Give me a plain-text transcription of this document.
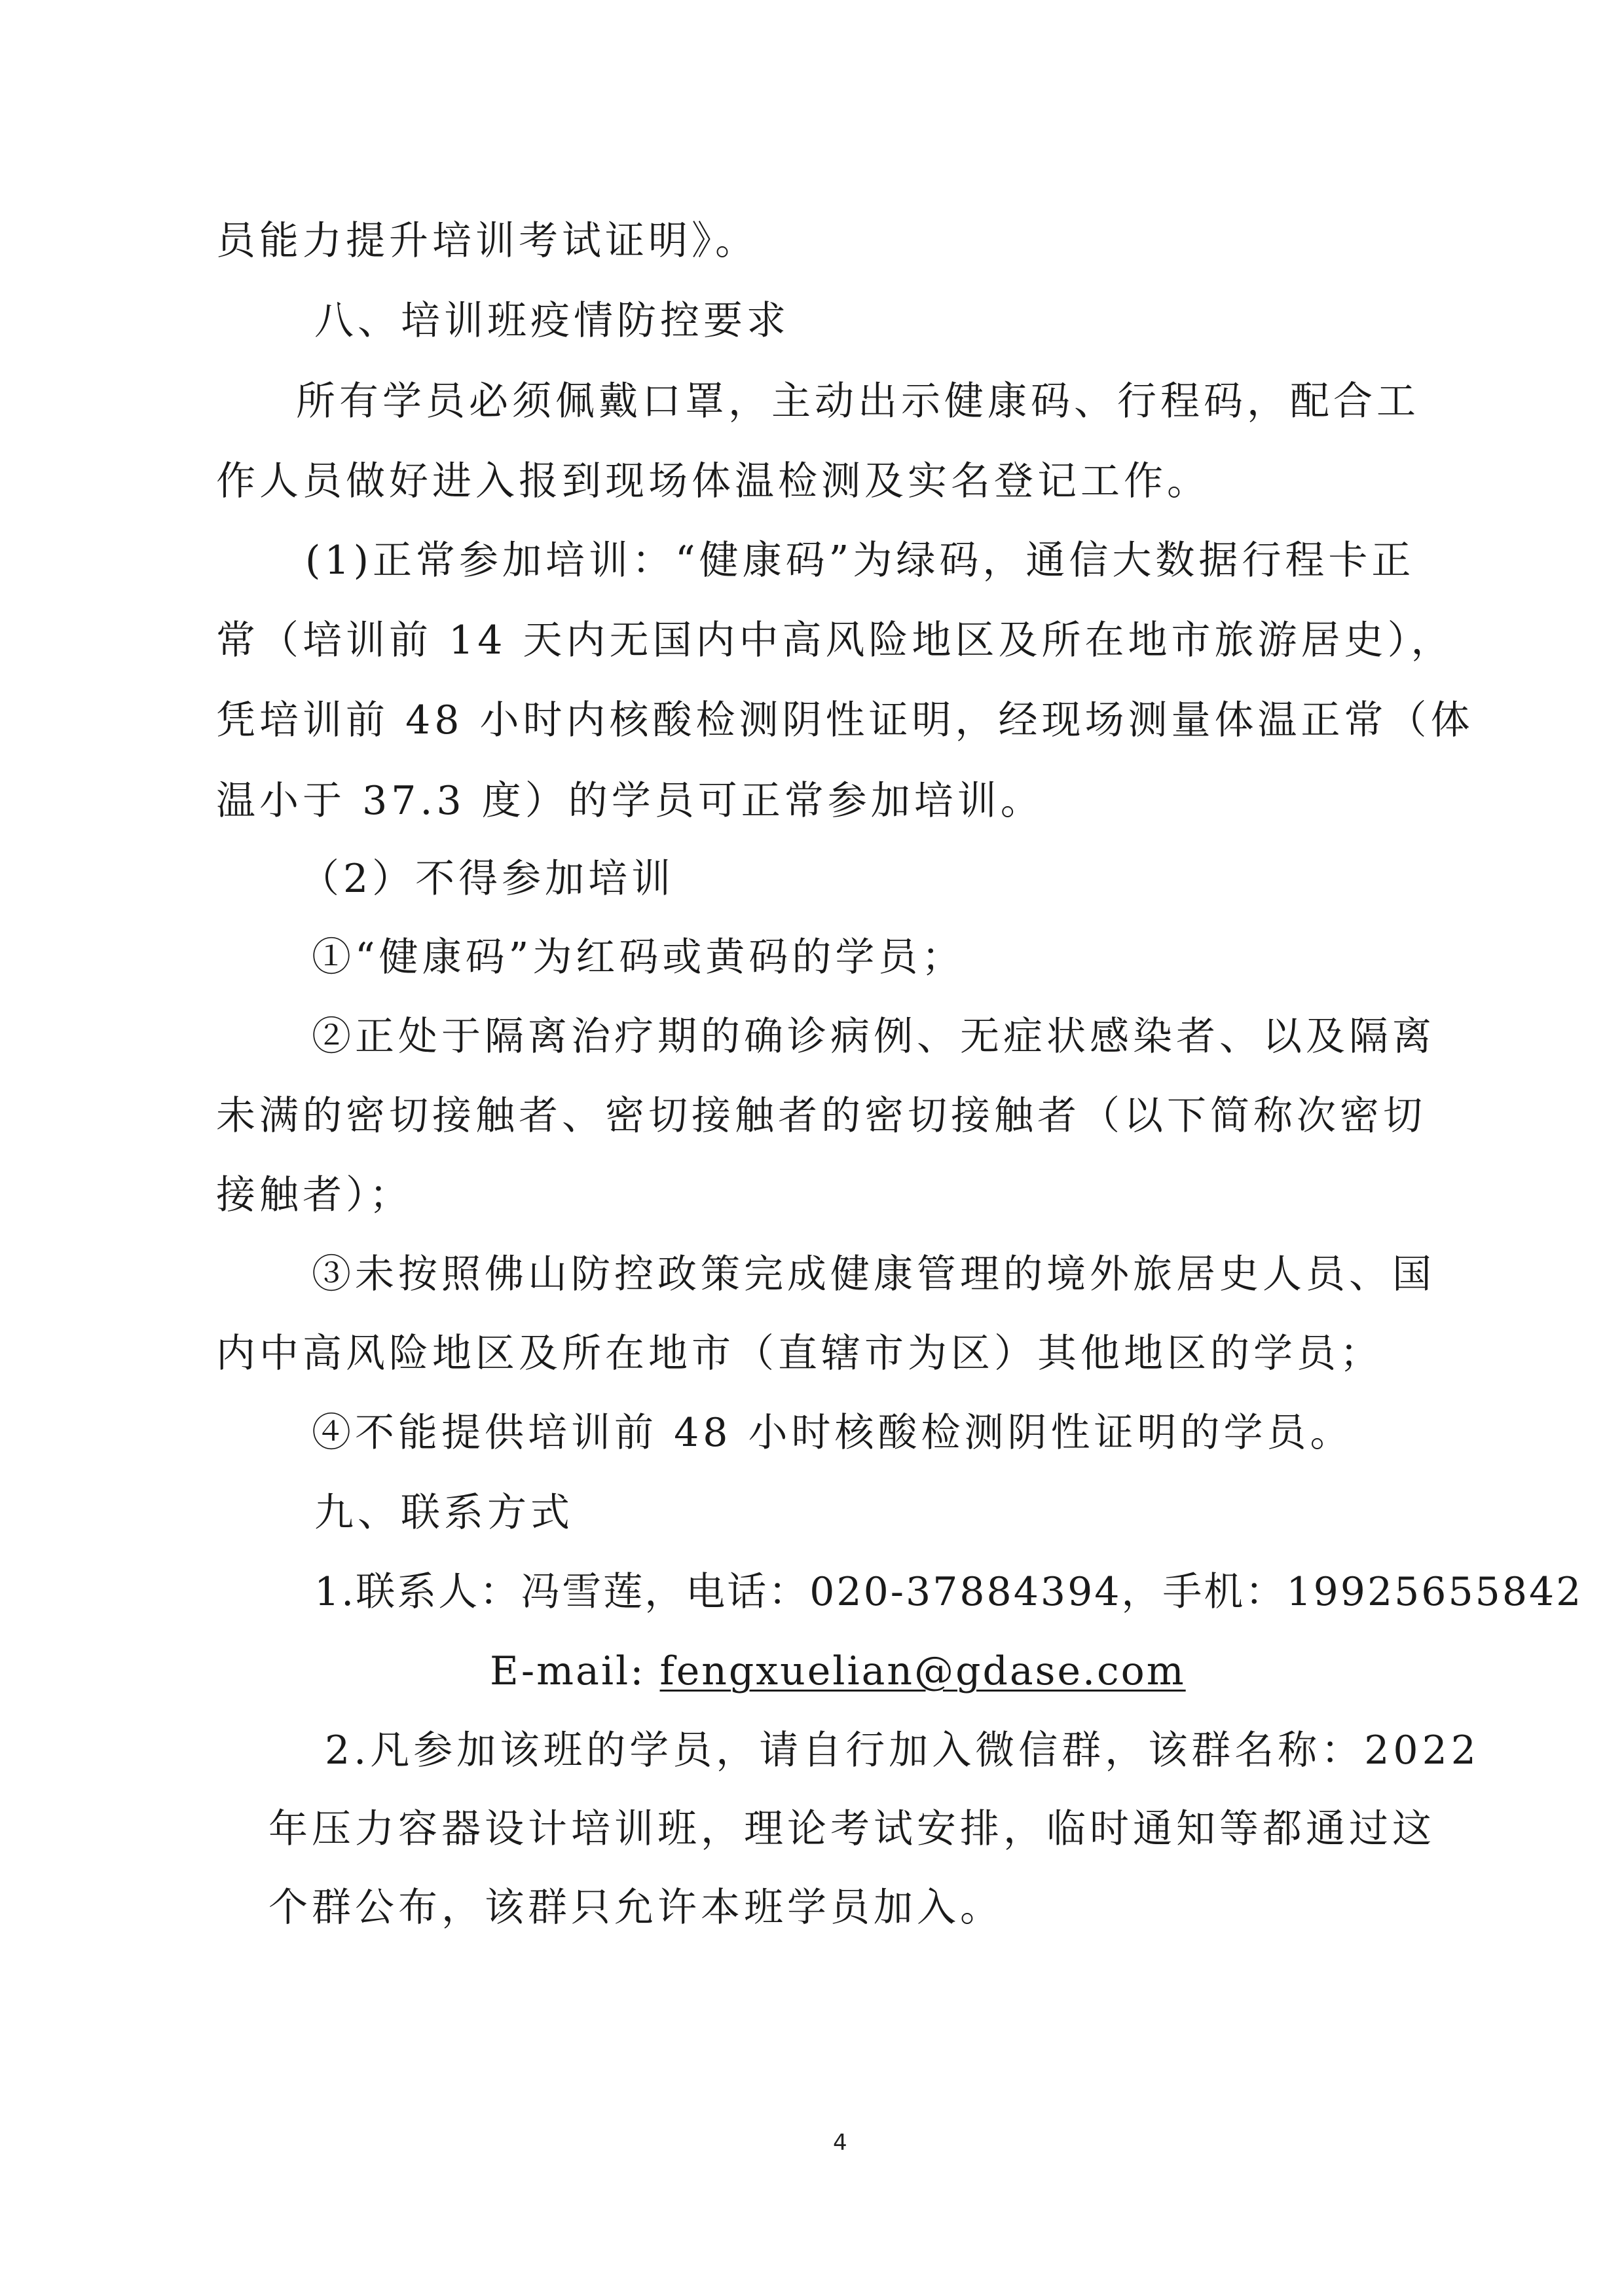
员能力提升培训考试证明》。
八、培训班疫情防控要求
所有学员必须佩戴口罩，主动出示健康码、行程码，配合工
作人员做好进入报到现场体温检测及实名登记工作。
(1)正常参加培训：“健康码”为绿码，通信大数据行程卡正
常（培训前 14 天内无国内中高风险地区及所在地市旅游居史），
凭培训前 48 小时内核酸检测阴性证明，经现场测量体温正常（体
温小于 37.3 度）的学员可正常参加培训。
（2）不得参加培训
①“健康码”为红码或黄码的学员；
②正处于隔离治疗期的确诊病例、无症状感染者、以及隔离
未满的密切接触者、密切接触者的密切接触者（以下简称次密切
接触者）；
③未按照佛山防控政策完成健康管理的境外旅居史人员、国
内中高风险地区及所在地市（直辖市为区）其他地区的学员；
④不能提供培训前 48 小时核酸检测阴性证明的学员。
九、联系方式
1.联系人：冯雪莲，电话：020-37884394，手机：19925655842
E-mail: fengxuelian@gdase.com
2.凡参加该班的学员，请自行加入微信群，该群名称：2022
年压力容器设计培训班，理论考试安排，临时通知等都通过这
个群公布，该群只允许本班学员加入。
4
